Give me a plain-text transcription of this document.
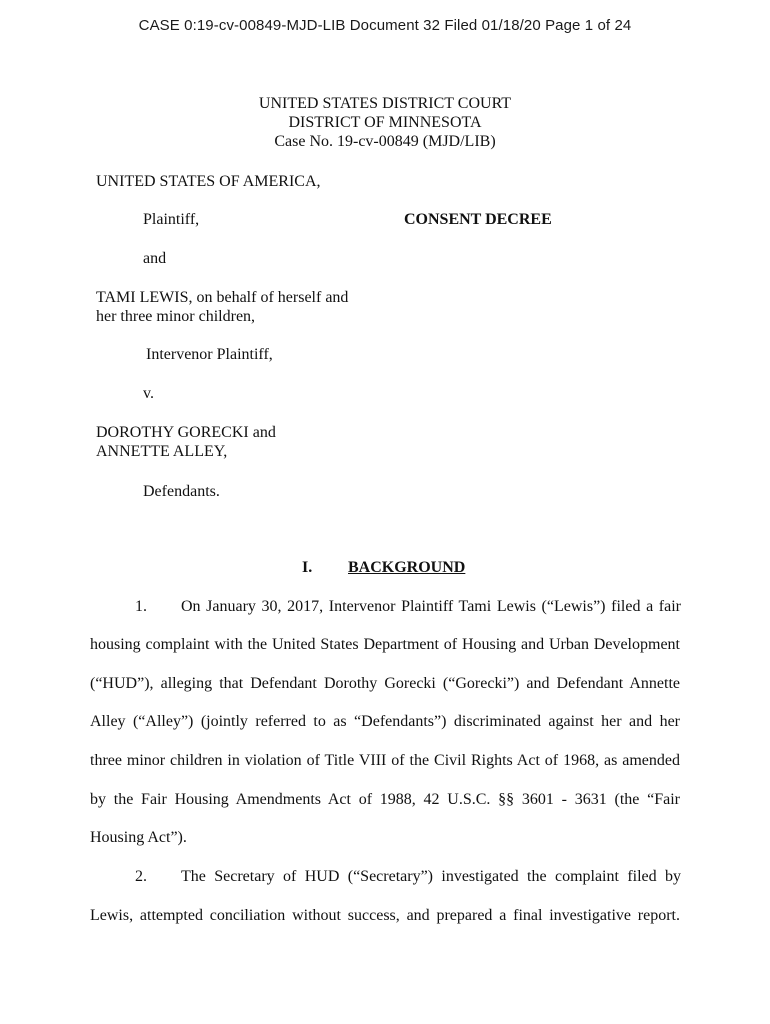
CASE 0:19-cv-00849-MJD-LIB Document 32 Filed 01/18/20 Page 1 of 24
UNITED STATES DISTRICT COURT
DISTRICT OF MINNESOTA
Case No. 19-cv-00849 (MJD/LIB)
UNITED STATES OF AMERICA,
Plaintiff,	CONSENT DECREE
and
TAMI LEWIS, on behalf of herself and
her three minor children,
Intervenor Plaintiff,
v.
DOROTHY GORECKI and
ANNETTE ALLEY,
Defendants.
I. BACKGROUND
1. On January 30, 2017, Intervenor Plaintiff Tami Lewis (“Lewis”) filed a fair
housing complaint with the United States Department of Housing and Urban Development
(“HUD”), alleging that Defendant Dorothy Gorecki (“Gorecki”) and Defendant Annette
Alley (“Alley”) (jointly referred to as “Defendants”) discriminated against her and her
three minor children in violation of Title VIII of the Civil Rights Act of 1968, as amended
by the Fair Housing Amendments Act of 1988, 42 U.S.C. §§ 3601 - 3631 (the “Fair
Housing Act”).
2. The Secretary of HUD (“Secretary”) investigated the complaint filed by
Lewis, attempted conciliation without success, and prepared a final investigative report.
